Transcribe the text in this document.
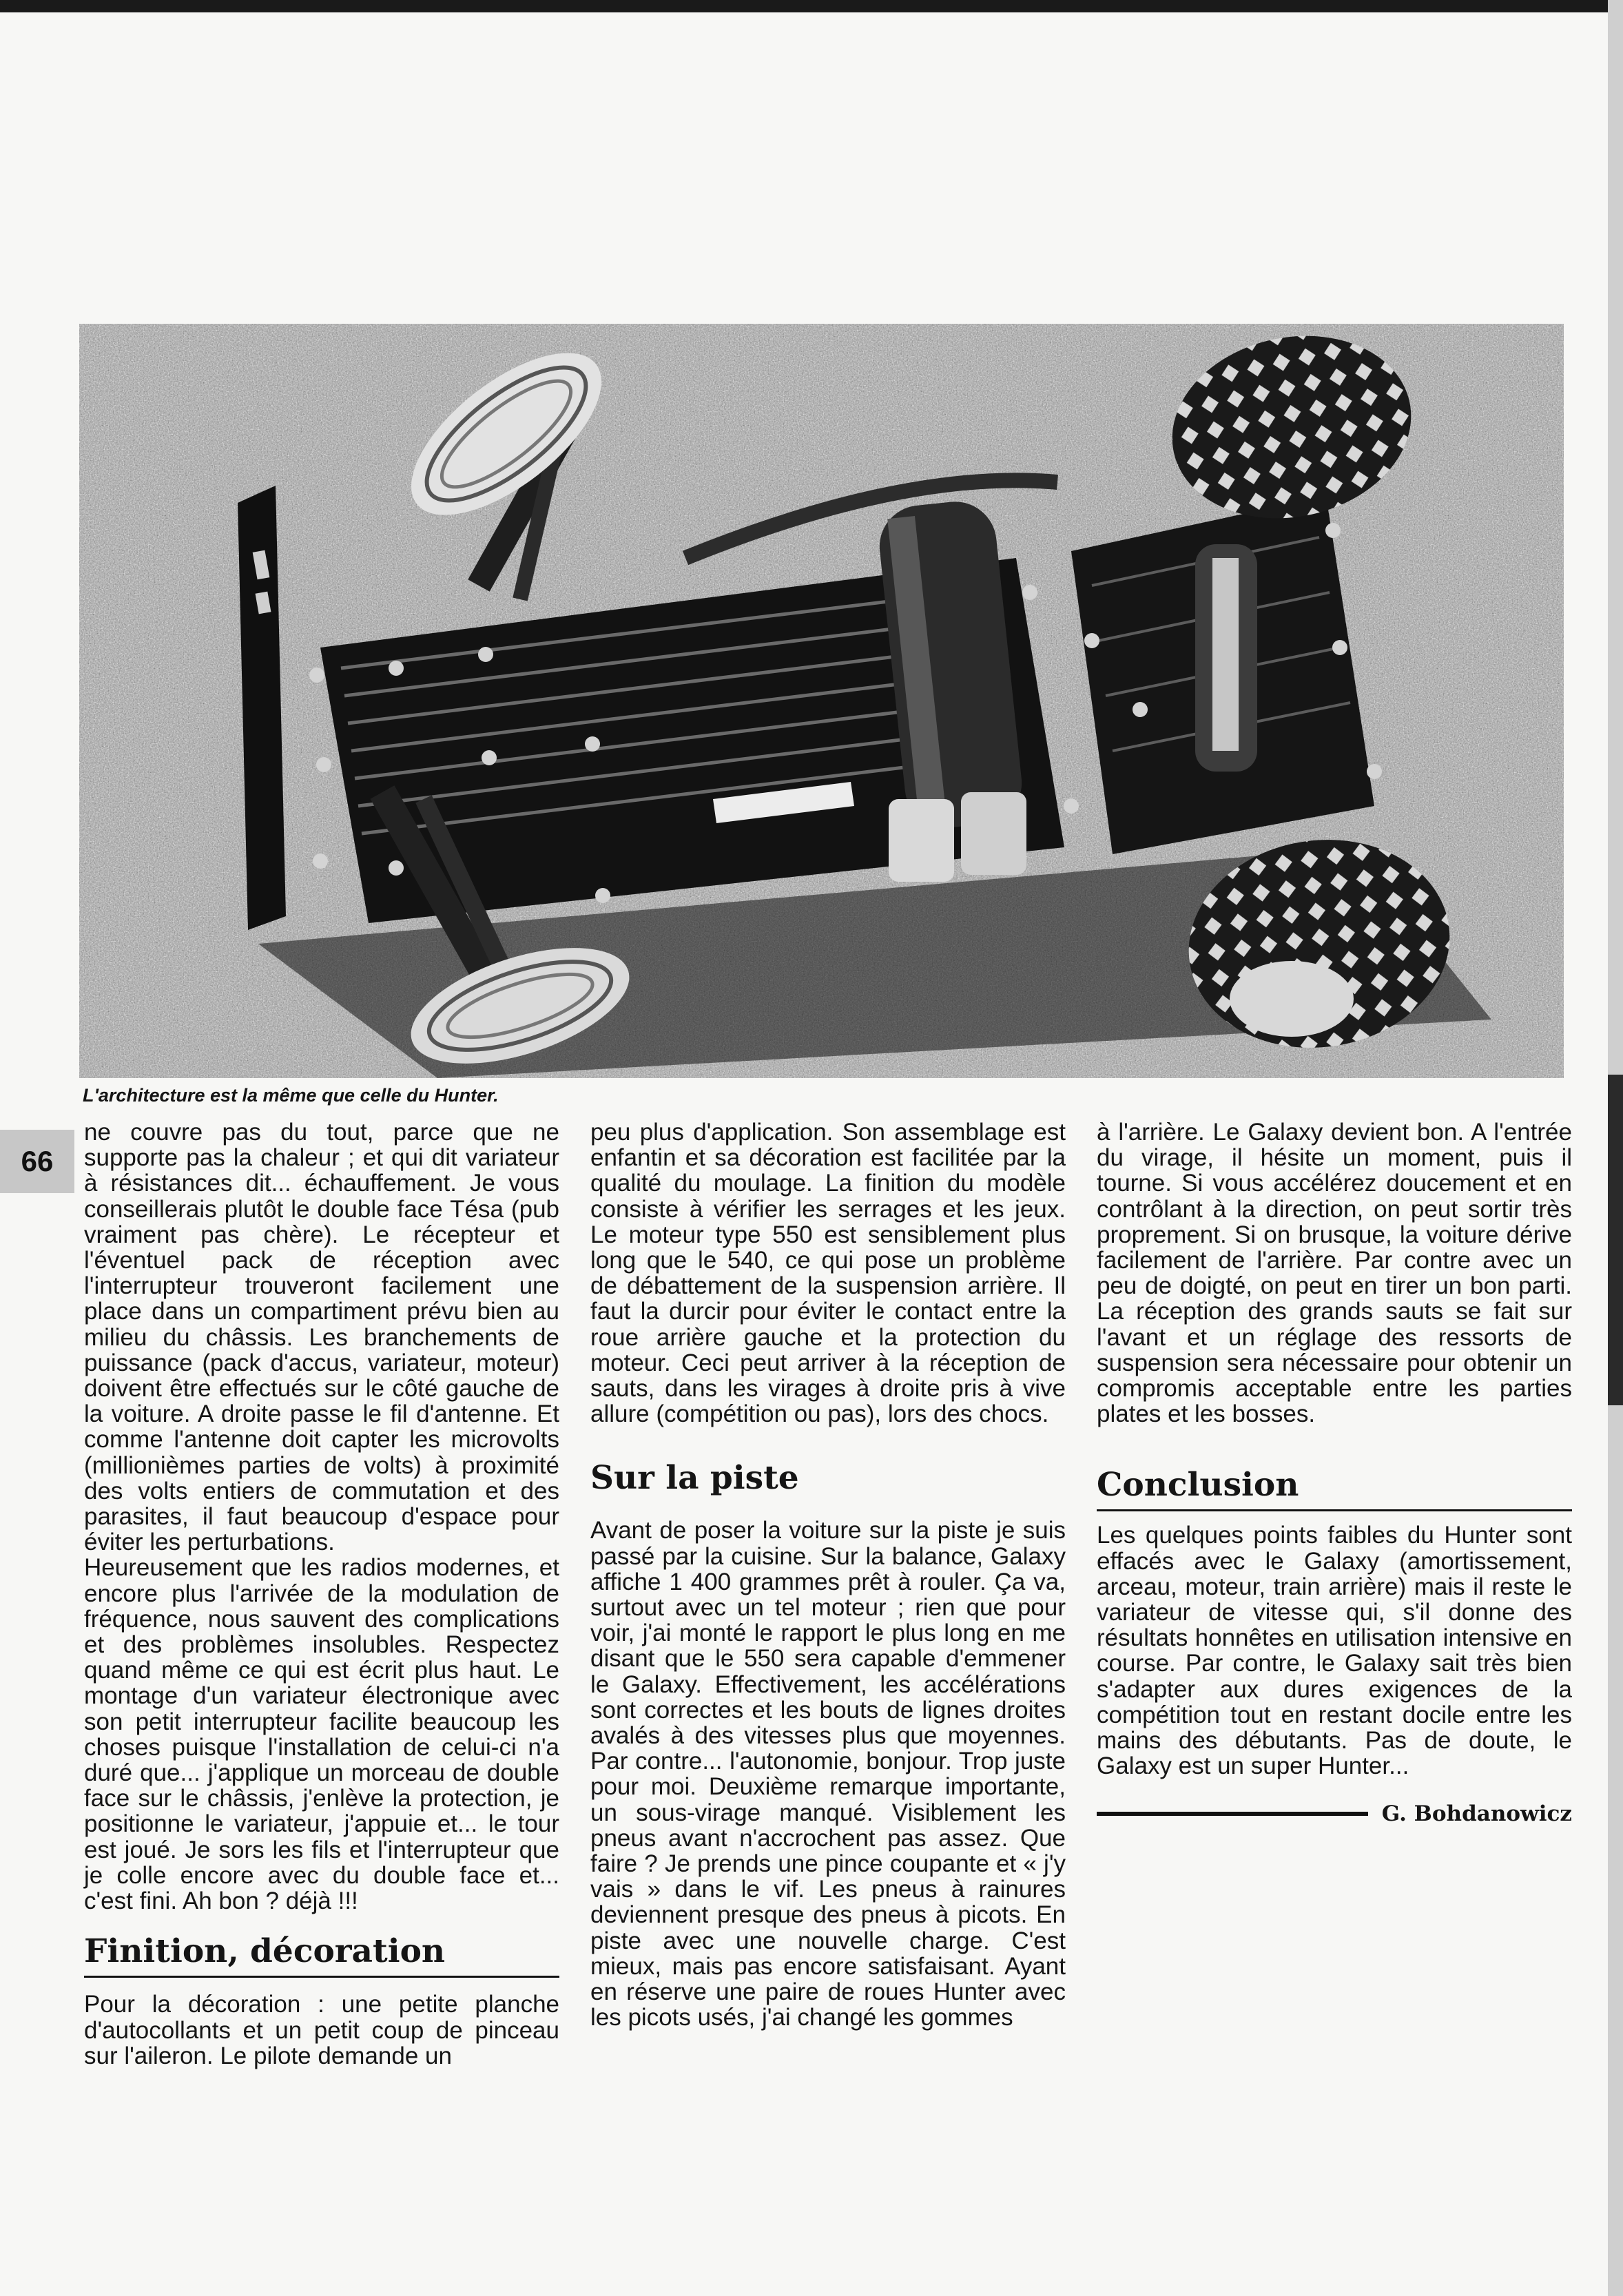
L'architecture est la même que celle du Hunter.
66

ne couvre pas du tout, parce que ne supporte pas la chaleur ; et qui dit variateur à résistances dit... échauffement. Je vous conseillerais plutôt le double face Tésa (pub vraiment pas chère). Le récepteur et l'éventuel pack de réception avec l'interrupteur trouveront facilement une place dans un compartiment prévu bien au milieu du châssis. Les branchements de puissance (pack d'accus, variateur, moteur) doivent être effectués sur le côté gauche de la voiture. A droite passe le fil d'antenne. Et comme l'antenne doit capter les microvolts (millionièmes parties de volts) à proximité des volts entiers de commutation et des parasites, il faut beaucoup d'espace pour éviter les perturbations.

Heureusement que les radios modernes, et encore plus l'arrivée de la modulation de fréquence, nous sauvent des complications et des problèmes insolubles. Respectez quand même ce qui est écrit plus haut. Le montage d'un variateur électronique avec son petit interrupteur facilite beaucoup les choses puisque l'installation de celui-ci n'a duré que... j'applique un morceau de double face sur le châssis, j'enlève la protection, je positionne le variateur, j'appuie et... le tour est joué. Je sors les fils et l'interrupteur que je colle encore avec du double face et... c'est fini. Ah bon ? déjà !!!

Finition, décoration

Pour la décoration : une petite planche d'autocollants et un petit coup de pinceau sur l'aileron. Le pilote demande un

peu plus d'application. Son assemblage est enfantin et sa décoration est facilitée par la qualité du moulage. La finition du modèle consiste à vérifier les serrages et les jeux. Le moteur type 550 est sensiblement plus long que le 540, ce qui pose un problème de débattement de la suspension arrière. Il faut la durcir pour éviter le contact entre la roue arrière gauche et la protection du moteur. Ceci peut arriver à la réception de sauts, dans les virages à droite pris à vive allure (compétition ou pas), lors des chocs.

Sur la piste

Avant de poser la voiture sur la piste je suis passé par la cuisine. Sur la balance, Galaxy affiche 1 400 grammes prêt à rouler. Ça va, surtout avec un tel moteur ; rien que pour voir, j'ai monté le rapport le plus long en me disant que le 550 sera capable d'emmener le Galaxy. Effectivement, les accélérations sont correctes et les bouts de lignes droites avalés à des vitesses plus que moyennes. Par contre... l'autonomie, bonjour. Trop juste pour moi. Deuxième remarque importante, un sous-virage manqué. Visiblement les pneus avant n'accrochent pas assez. Que faire ? Je prends une pince coupante et « j'y vais » dans le vif. Les pneus à rainures deviennent presque des pneus à picots. En piste avec une nouvelle charge. C'est mieux, mais pas encore satisfaisant. Ayant en réserve une paire de roues Hunter avec les picots usés, j'ai changé les gommes

à l'arrière. Le Galaxy devient bon. A l'entrée du virage, il hésite un moment, puis il tourne. Si vous accélérez doucement et en contrôlant à la direction, on peut sortir très proprement. Si on brusque, la voiture dérive facilement de l'arrière. Par contre avec un peu de doigté, on peut en tirer un bon parti. La réception des grands sauts se fait sur l'avant et un réglage des ressorts de suspension sera nécessaire pour obtenir un compromis acceptable entre les parties plates et les bosses.

Conclusion

Les quelques points faibles du Hunter sont effacés avec le Galaxy (amortissement, arceau, moteur, train arrière) mais il reste le variateur de vitesse qui, s'il donne des résultats honnêtes en utilisation intensive en course. Par contre, le Galaxy sait très bien s'adapter aux dures exigences de la compétition tout en restant docile entre les mains des débutants. Pas de doute, le Galaxy est un super Hunter...

G. Bohdanowicz
